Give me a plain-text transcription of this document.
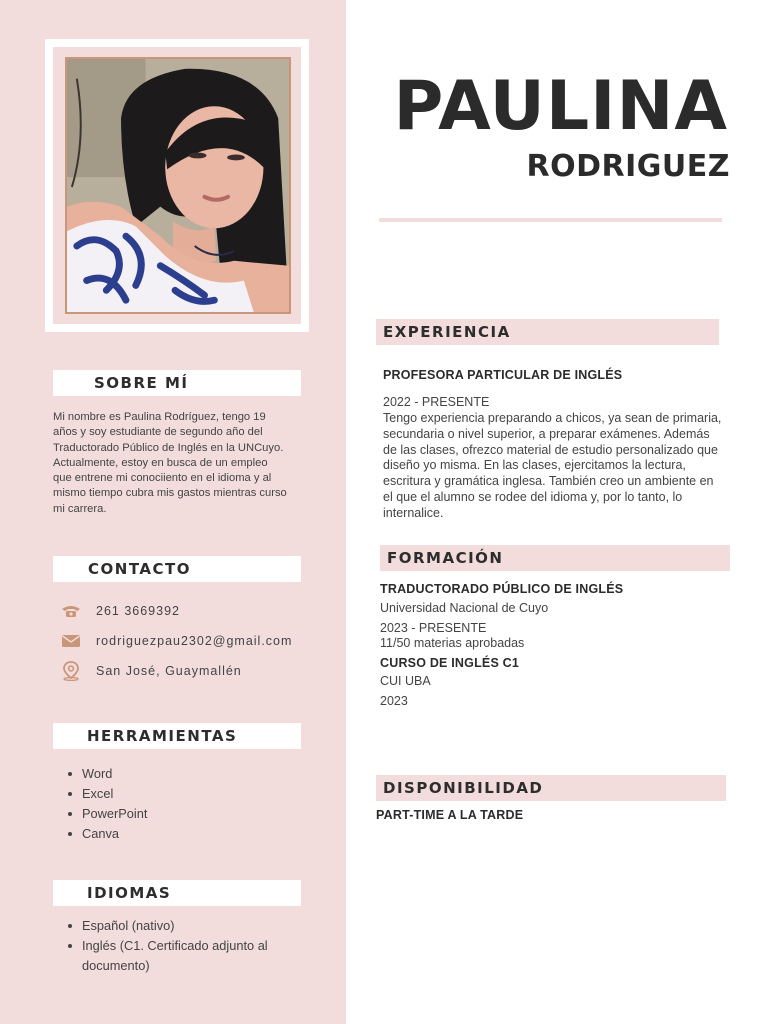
SOBRE MÍ

Mi nombre es Paulina Rodríguez, tengo 19 años y soy estudiante de segundo año del Traductorado Público de Inglés en la UNCuyo. Actualmente, estoy en busca de un empleo que entrene mi conociiento en el idioma y al mismo tiempo cubra mis gastos mientras curso mi carrera.

CONTACTO
261 3669392
rodriguezpau2302@gmail.com
San José, Guaymallén
HERRAMIENTAS
Word
Excel
PowerPoint
Canva
IDIOMAS
Español (nativo)
Inglés (C1. Certificado adjunto al documento)
PAULINA
RODRIGUEZ
EXPERIENCIA
PROFESORA PARTICULAR DE INGLÉS
2022 - PRESENTE

Tengo experiencia preparando a chicos, ya sean de primaria, secundaria o nivel superior, a preparar exámenes. Además de las clases, ofrezco material de estudio personalizado que diseño yo misma. En las clases, ejercitamos la lectura, escritura y gramática inglesa. También creo un ambiente en el que el alumno se rodee del idioma y, por lo tanto, lo internalice.

FORMACIÓN
TRADUCTORADO PÚBLICO DE INGLÉS
Universidad Nacional de Cuyo
2023 - PRESENTE
11/50 materias aprobadas
CURSO DE INGLÉS C1
CUI UBA
2023
DISPONIBILIDAD
PART-TIME A LA TARDE
